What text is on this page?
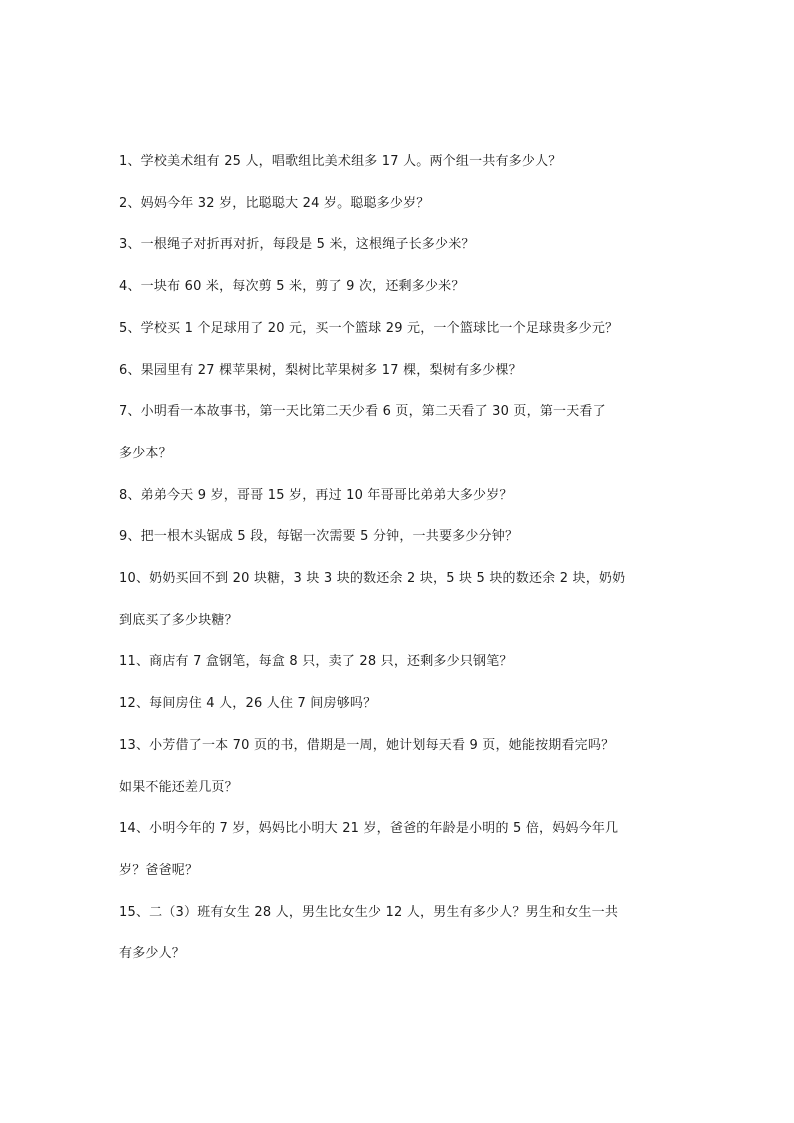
1、学校美术组有 25 人，唱歌组比美术组多 17 人。两个组一共有多少人？
2、妈妈今年 32 岁，比聪聪大 24 岁。聪聪多少岁？
3、一根绳子对折再对折，每段是 5 米，这根绳子长多少米？
4、一块布 60 米，每次剪 5 米，剪了 9 次，还剩多少米？
5、学校买 1 个足球用了 20 元，买一个篮球 29 元，一个篮球比一个足球贵多少元？
6、果园里有 27 棵苹果树，梨树比苹果树多 17 棵，梨树有多少棵？
7、小明看一本故事书，第一天比第二天少看 6 页，第二天看了 30 页，第一天看了
多少本？
8、弟弟今天 9 岁，哥哥 15 岁，再过 10 年哥哥比弟弟大多少岁？
9、把一根木头锯成 5 段，每锯一次需要 5 分钟，一共要多少分钟？
10、奶奶买回不到 20 块糖，3 块 3 块的数还余 2 块，5 块 5 块的数还余 2 块，奶奶
到底买了多少块糖？
11、商店有 7 盒钢笔，每盒 8 只，卖了 28 只，还剩多少只钢笔？
12、每间房住 4 人，26 人住 7 间房够吗？
13、小芳借了一本 70 页的书，借期是一周，她计划每天看 9 页，她能按期看完吗？
如果不能还差几页？
14、小明今年的 7 岁，妈妈比小明大 21 岁，爸爸的年龄是小明的 5 倍，妈妈今年几
岁？爸爸呢？
15、二（3）班有女生 28 人，男生比女生少 12 人，男生有多少人？男生和女生一共
有多少人？
